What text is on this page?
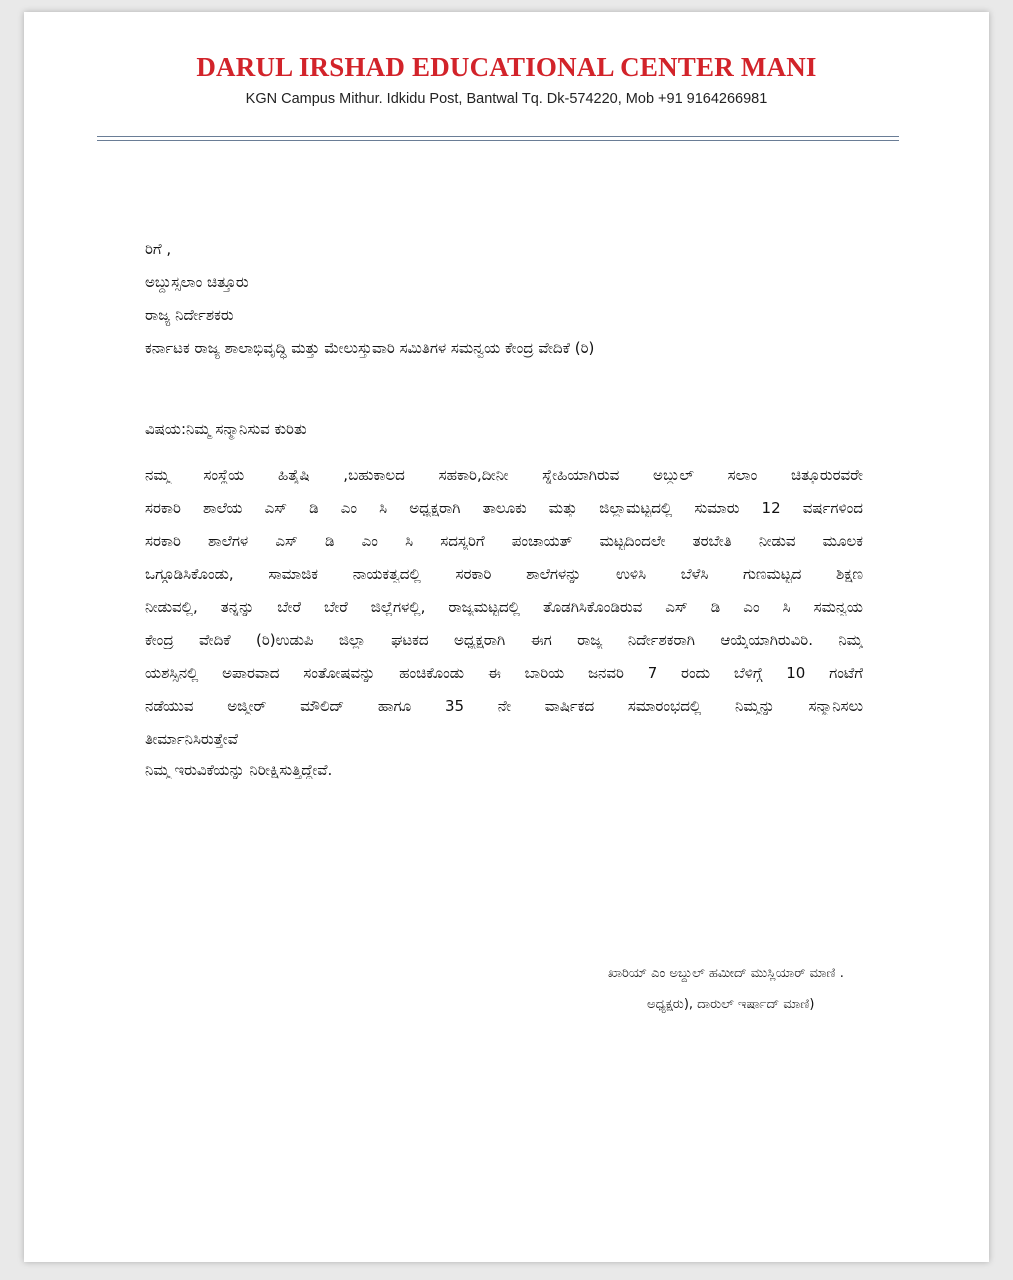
DARUL IRSHAD EDUCATIONAL CENTER MANI
KGN Campus Mithur. Idkidu Post, Bantwal Tq. Dk-574220, Mob +91 9164266981
ರಿಗೆ ,
ಅಬ್ದುಸ್ಸಲಾಂ ಚಿತ್ತೂರು
ರಾಜ್ಯ ನಿರ್ದೇಶಕರು
ಕರ್ನಾಟಕ ರಾಜ್ಯ ಶಾಲಾಭಿವೃದ್ಧಿ ಮತ್ತು ಮೇಲುಸ್ತುವಾರಿ ಸಮಿತಿಗಳ ಸಮನ್ವಯ ಕೇಂದ್ರ ವೇದಿಕೆ (ರಿ)
ವಿಷಯ:ನಿಮ್ಮ ಸನ್ಮಾನಿಸುವ ಕುರಿತು
ನಮ್ಮ ಸಂಸ್ಥೆಯ ಹಿತೈಷಿ ,ಬಹುಕಾಲದ ಸಹಕಾರಿ,ದೀನೀ ಸ್ನೇಹಿಯಾಗಿರುವ ಅಬ್ದುಲ್ ಸಲಾಂ ಚಿತ್ತೂರುರವರೇ
ಸರಕಾರಿ ಶಾಲೆಯ ಎಸ್ ಡಿ ಎಂ ಸಿ ಅಧ್ಯಕ್ಷರಾಗಿ ತಾಲೂಕು ಮತ್ತು ಜಿಲ್ಲಾಮಟ್ಟದಲ್ಲಿ ಸುಮಾರು 12 ವರ್ಷಗಳಿಂದ
ಸರಕಾರಿ ಶಾಲೆಗಳ ಎಸ್ ಡಿ ಎಂ ಸಿ ಸದಸ್ಯರಿಗೆ ಪಂಚಾಯತ್ ಮಟ್ಟದಿಂದಲೇ ತರಬೇತಿ ನೀಡುವ ಮೂಲಕ
ಒಗ್ಗೂಡಿಸಿಕೊಂಡು, ಸಾಮಾಜಿಕ ನಾಯಕತ್ವದಲ್ಲಿ ಸರಕಾರಿ ಶಾಲೆಗಳನ್ನು ಉಳಿಸಿ ಬೆಳೆಸಿ ಗುಣಮಟ್ಟದ ಶಿಕ್ಷಣ
ನೀಡುವಲ್ಲಿ, ತನ್ನನ್ನು ಬೇರೆ ಬೇರೆ ಜಿಲ್ಲೆಗಳಲ್ಲಿ, ರಾಜ್ಯಮಟ್ಟದಲ್ಲಿ ತೊಡಗಿಸಿಕೊಂಡಿರುವ ಎಸ್ ಡಿ ಎಂ ಸಿ ಸಮನ್ವಯ
ಕೇಂದ್ರ ವೇದಿಕೆ (ರಿ)ಉಡುಪಿ ಜಿಲ್ಲಾ ಘಟಕದ ಅಧ್ಯಕ್ಷರಾಗಿ ಈಗ ರಾಜ್ಯ ನಿರ್ದೇಶಕರಾಗಿ ಆಯ್ಕೆಯಾಗಿರುವಿರಿ. ನಿಮ್ಮ
ಯಶಸ್ಸಿನಲ್ಲಿ ಅಪಾರವಾದ ಸಂತೋಷವನ್ನು ಹಂಚಿಕೊಂಡು ಈ ಬಾರಿಯ ಜನವರಿ 7 ರಂದು ಬೆಳಿಗ್ಗೆ 10 ಗಂಟೆಗೆ
ನಡೆಯುವ ಅಜ್ಮೀರ್ ಮೌಲಿದ್ ಹಾಗೂ 35 ನೇ ವಾರ್ಷಿಕದ ಸಮಾರಂಭದಲ್ಲಿ ನಿಮ್ಮನ್ನು ಸನ್ಮಾನಿಸಲು
ತೀರ್ಮಾನಿಸಿರುತ್ತೇವೆ
ನಿಮ್ಮ ಇರುವಿಕೆಯನ್ನು ನಿರೀಕ್ಷಿಸುತ್ತಿದ್ದೇವೆ.
ಖಾರಿಯ್ ಎಂ ಅಬ್ದುಲ್ ಹಮೀದ್ ಮುಸ್ಲಿಯಾರ್ ಮಾಣಿ .
ಅಧ್ಯಕ್ಷರು), ದಾರುಲ್ ಇರ್ಷಾದ್ ಮಾಣಿ)
